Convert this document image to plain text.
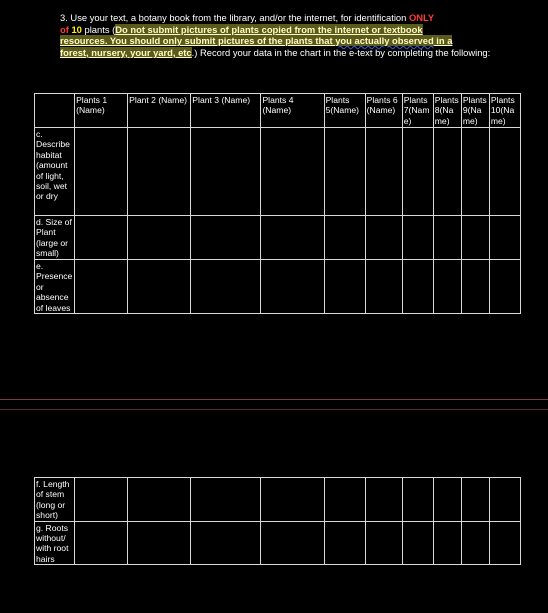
3. Use your text, a botany book from the library, and/or the internet, for identification ONLY
of 10 plants (Do not submit pictures of plants copied from the internet or textbook
resources. You should only submit pictures of the plants that you actually observed in a
forest, nursery, your yard, etc.) Record your data in the chart in the e-text by completing the following:
	Plants 1 (Name)	Plant 2 (Name)	Plant 3 (Name)	Plants 4 (Name)	Plants 5(Name)	Plants 6 (Name)	Plants 7(Name)	Plants 8(Name)	Plants 9(Name)	Plants 10(Name)
c. Describe habitat (amount of light, soil, wet or dry										
d. Size of Plant (large or small)										
e. Presence or absence of leaves										
f. Length of stem (long or short)										
g. Roots without/ with root hairs										
